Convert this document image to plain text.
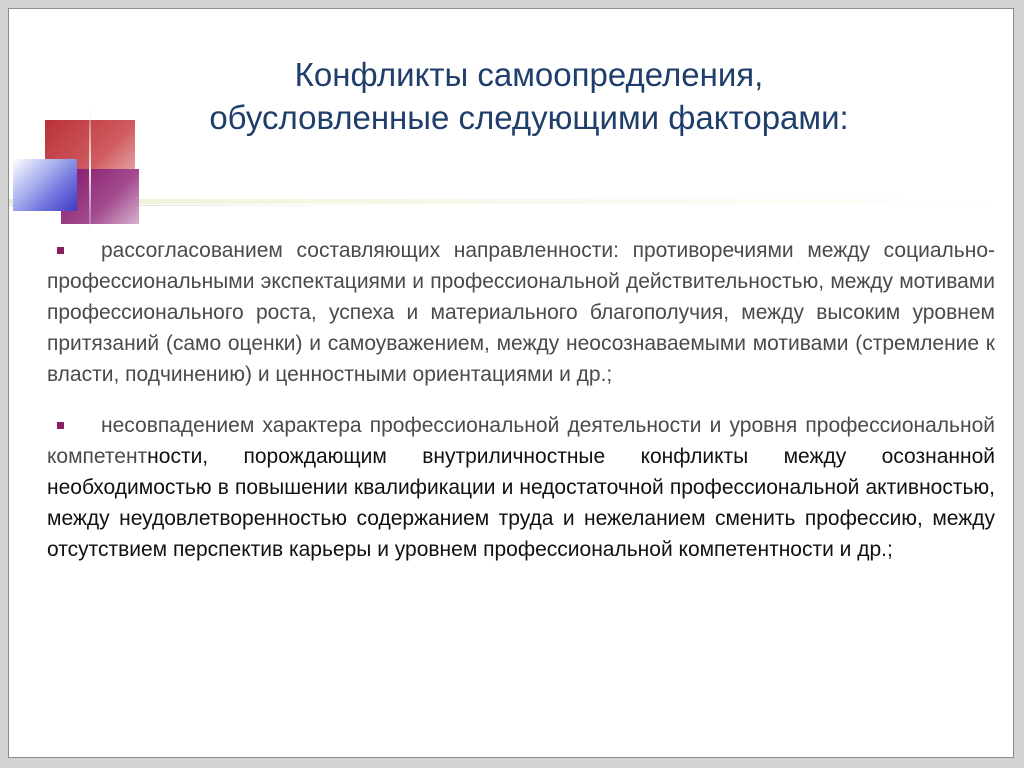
Конфликты самоопределения,
обусловленные следующими факторами:

рассогласованием составляющих направленности: противоречиями между социально-профессиональными экспектациями и профессиональной действительностью, между мотивами профессионального роста, успеха и материального благополучия, между высоким уровнем притязаний (само оценки) и самоуважением, между неосознаваемыми мотивами (стремление к власти, подчинению) и ценностными ориентациями и др.;

несовпадением характера профессиональной деятельности и уровня профессиональной компетентности, порождающим внутриличностные конфликты между осознанной необходимостью в повышении квалификации и недостаточной профессиональной активностью, между неудовлетворенностью содержанием труда и нежеланием сменить профессию, между отсутствием перспектив карьеры и уровнем профессиональной компетентности и др.;
